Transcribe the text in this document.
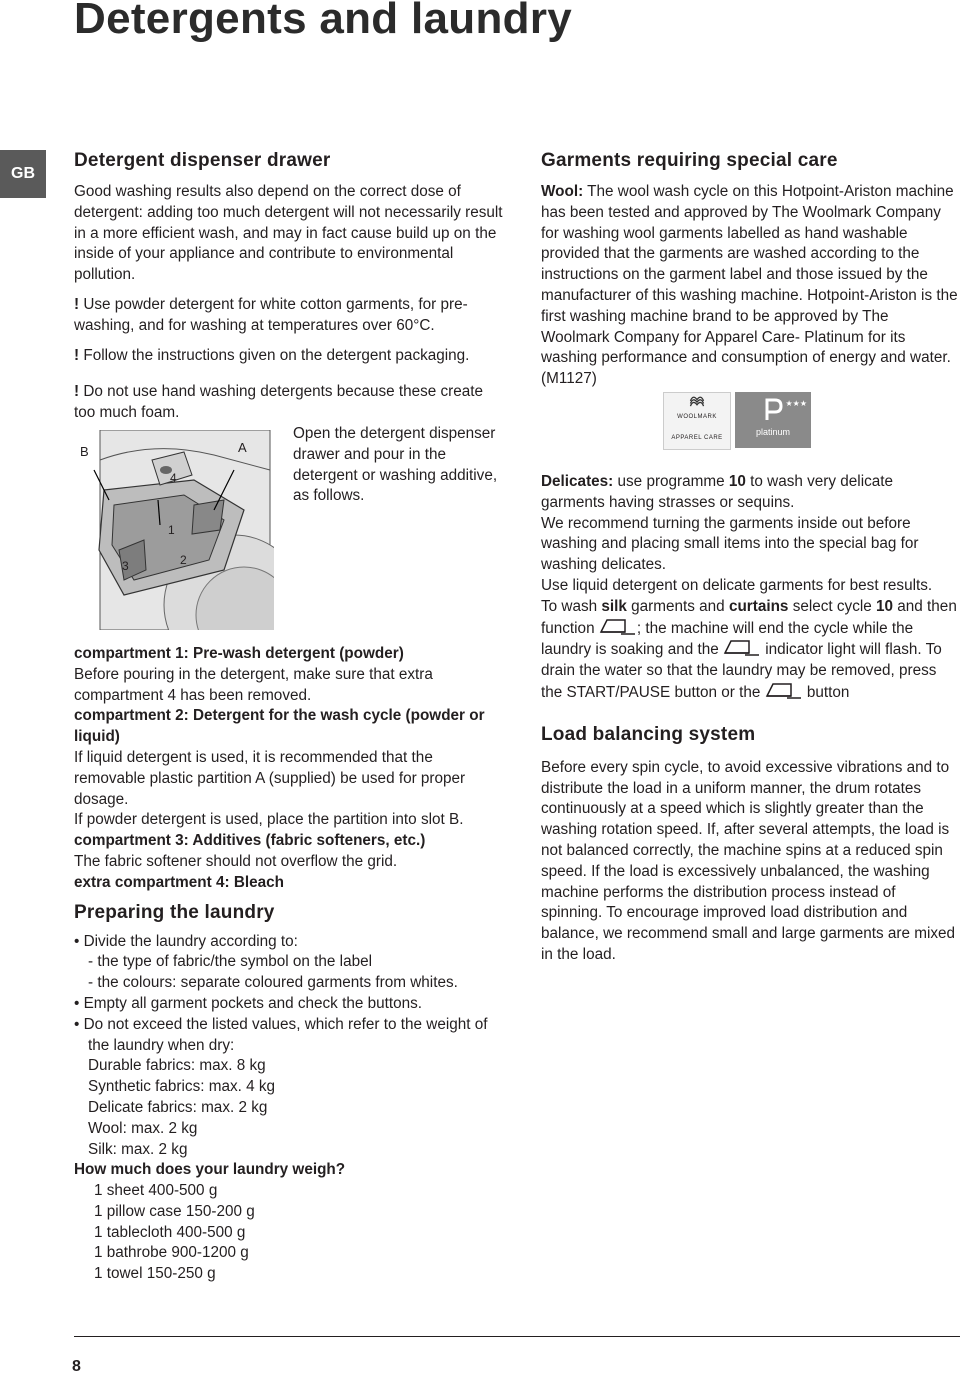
Detergents and laundry
GB
Detergent dispenser drawer

Good washing results also depend on the correct dose of detergent: adding too much detergent will not necessarily result in a more efficient wash, and may in fact cause build up on the inside of your appliance and contribute to environmental pollution.

! Use powder detergent for white cotton garments, for pre-washing, and for washing at temperatures over 60°C.

! Follow the instructions given on the detergent packaging.

! Do not use hand washing detergents because these create too much foam.

B	A
1
2
3
4

Open the detergent dispenser drawer and pour in the detergent or washing additive, as follows.

compartment 1: Pre-wash detergent (powder)

Before pouring in the detergent, make sure that extra compartment 4 has been removed.

compartment 2: Detergent for the wash cycle (powder or liquid)

If liquid detergent is used, it is recommended that the removable plastic partition A (supplied) be used for proper dosage.

If powder detergent is used, place the partition into slot B.

compartment 3: Additives (fabric softeners, etc.)

The fabric softener should not overflow the grid.

extra compartment 4: Bleach

Preparing the laundry

• Divide the laundry according to:

- the type of fabric/the symbol on the label

- the colours: separate coloured garments from whites.

• Empty all garment pockets and check the buttons.

• Do not exceed the listed values, which refer to the weight of the laundry when dry:

Durable fabrics: max. 8 kg

Synthetic fabrics: max. 4 kg

Delicate fabrics: max. 2 kg

Wool: max. 2 kg

Silk: max. 2 kg

How much does your laundry weigh?

1 sheet 400-500 g

1 pillow case 150-200 g

1 tablecloth 400-500 g

1 bathrobe 900-1200 g

1 towel 150-250 g

Garments requiring special care

Wool: The wool wash cycle on this Hotpoint-Ariston machine has been tested and approved by The Woolmark Company for washing wool garments labelled as hand washable provided that the garments are washed according to the instructions on the garment label and those issued by the manufacturer of this washing machine. Hotpoint-Ariston is the first washing machine brand to be approved by The Woolmark Company for Apparel Care- Platinum for its washing performance and consumption of energy and water. (M1127)

WOOLMARK
APPAREL CARE
★★★
platinum

Delicates: use programme 10 to wash very delicate garments having strasses or sequins.

We recommend turning the garments inside out before washing and placing small items into the special bag for washing delicates.

Use liquid detergent on delicate garments for best results.

To wash silk garments and curtains select cycle 10 and then function ; the machine will end the cycle while the laundry is soaking and the  indicator light will flash. To drain the water so that the laundry may be removed, press the START/PAUSE button or the  button

Load balancing system

Before every spin cycle, to avoid excessive vibrations and to distribute the load in a uniform manner, the drum rotates continuously at a speed which is slightly greater than the washing rotation speed. If, after several attempts, the load is not balanced correctly, the machine spins at a reduced spin speed. If the load is excessively unbalanced, the washing machine performs the distribution process instead of spinning. To encourage improved load distribution and balance, we recommend small and large garments are mixed in the load.

8
